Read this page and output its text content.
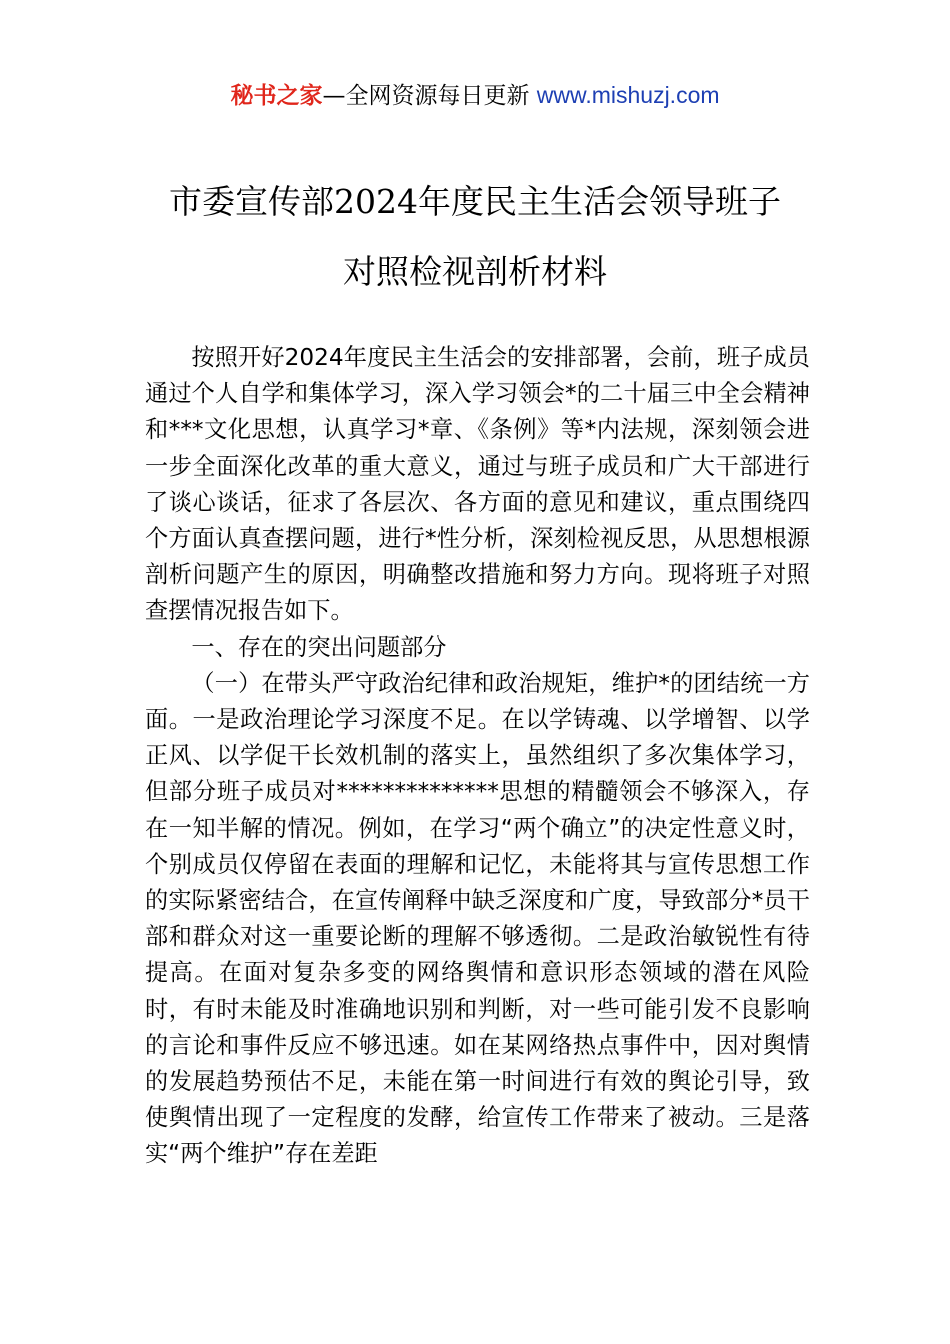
秘书之家—全网资源每日更新 www.mishuzj.com
市委宣传部2024年度民主生活会领导班子
对照检视剖析材料

按照开好2024年度民主生活会的安排部署，会前，班子成员通过个人自学和集体学习，深入学习领会*的二十届三中全会精神和***文化思想，认真学习*章、《条例》等*内法规，深刻领会进一步全面深化改革的重大意义，通过与班子成员和广大干部进行了谈心谈话，征求了各层次、各方面的意见和建议，重点围绕四个方面认真查摆问题，进行*性分析，深刻检视反思，从思想根源剖析问题产生的原因，明确整改措施和努力方向。现将班子对照查摆情况报告如下。

一、存在的突出问题部分

（一）在带头严守政治纪律和政治规矩，维护*的团结统一方面。一是政治理论学习深度不足。在以学铸魂、以学增智、以学正风、以学促干长效机制的落实上，虽然组织了多次集体学习，但部分班子成员对**************思想的精髓领会不够深入，存在一知半解的情况。例如，在学习“两个确立”的决定性意义时，个别成员仅停留在表面的理解和记忆，未能将其与宣传思想工作的实际紧密结合，在宣传阐释中缺乏深度和广度，导致部分*员干部和群众对这一重要论断的理解不够透彻。二是政治敏锐性有待提高。在面对复杂多变的网络舆情和意识形态领域的潜在风险时，有时未能及时准确地识别和判断，对一些可能引发不良影响的言论和事件反应不够迅速。如在某网络热点事件中，因对舆情的发展趋势预估不足，未能在第一时间进行有效的舆论引导，致使舆情出现了一定程度的发酵，给宣传工作带来了被动。三是落实“两个维护”存在差距
